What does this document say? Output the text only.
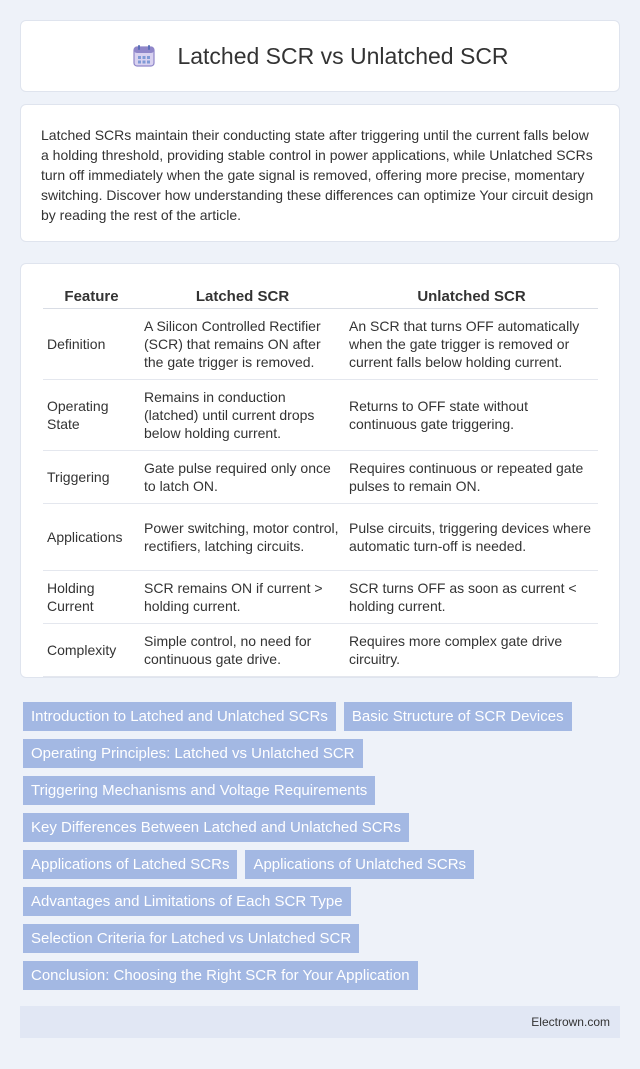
Latched SCR vs Unlatched SCR

Latched SCRs maintain their conducting state after triggering until the current falls below a holding threshold, providing stable control in power applications, while Unlatched SCRs turn off immediately when the gate signal is removed, offering more precise, momentary switching. Discover how understanding these differences can optimize Your circuit design by reading the rest of the article.

Feature	Latched SCR	Unlatched SCR
Definition	A Silicon Controlled Rectifier (SCR) that remains ON after the gate trigger is removed.	An SCR that turns OFF automatically when the gate trigger is removed or current falls below holding current.
Operating State	Remains in conduction (latched) until current drops below holding current.	Returns to OFF state without continuous gate triggering.
Triggering	Gate pulse required only once to latch ON.	Requires continuous or repeated gate pulses to remain ON.
Applications	Power switching, motor control, rectifiers, latching circuits.	Pulse circuits, triggering devices where automatic turn-off is needed.
Holding Current	SCR remains ON if current > holding current.	SCR turns OFF as soon as current < holding current.
Complexity	Simple control, no need for continuous gate drive.	Requires more complex gate drive circuitry.
Introduction to Latched and Unlatched SCRs	Basic Structure of SCR Devices
Operating Principles: Latched vs Unlatched SCR
Triggering Mechanisms and Voltage Requirements
Key Differences Between Latched and Unlatched SCRs
Applications of Latched SCRs	Applications of Unlatched SCRs
Advantages and Limitations of Each SCR Type
Selection Criteria for Latched vs Unlatched SCR
Conclusion: Choosing the Right SCR for Your Application
Electrown.com
